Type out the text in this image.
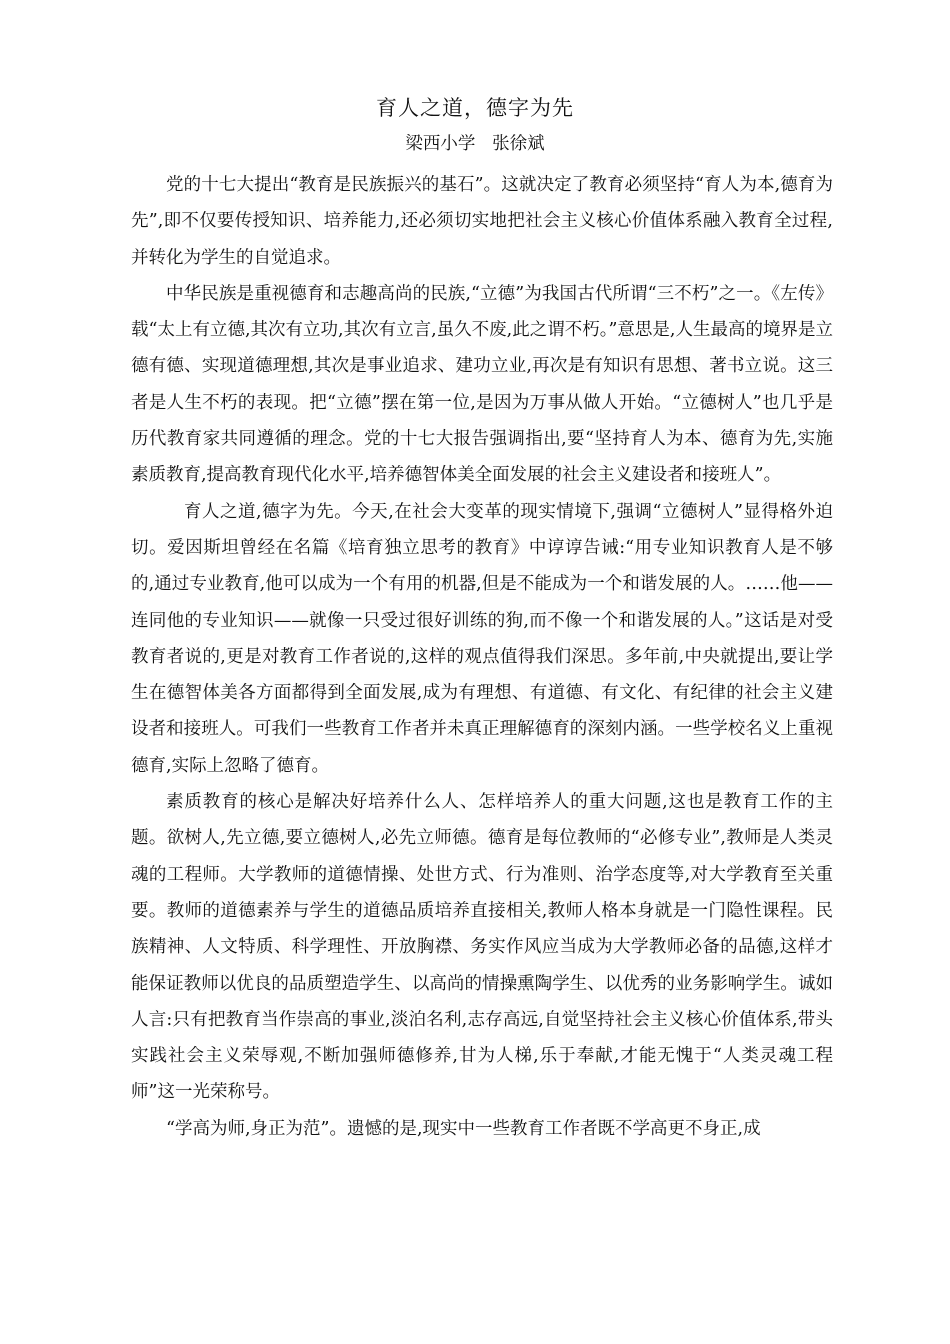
育人之道，德字为先
梁西小学   张徐斌

党的十七大提出“教育是民族振兴的基石”。这就决定了教育必须坚持“育人为本,德育为先”,即不仅要传授知识、培养能力,还必须切实地把社会主义核心价值体系融入教育全过程,并转化为学生的自觉追求。

中华民族是重视德育和志趣高尚的民族,“立德”为我国古代所谓“三不朽”之一。《左传》载“太上有立德,其次有立功,其次有立言,虽久不废,此之谓不朽。”意思是,人生最高的境界是立德有德、实现道德理想,其次是事业追求、建功立业,再次是有知识有思想、著书立说。这三者是人生不朽的表现。把“立德”摆在第一位,是因为万事从做人开始。“立德树人”也几乎是历代教育家共同遵循的理念。党的十七大报告强调指出,要“坚持育人为本、德育为先,实施素质教育,提高教育现代化水平,培养德智体美全面发展的社会主义建设者和接班人”。

育人之道,德字为先。今天,在社会大变革的现实情境下,强调“立德树人”显得格外迫切。爱因斯坦曾经在名篇《培育独立思考的教育》中谆谆告诫:“用专业知识教育人是不够的,通过专业教育,他可以成为一个有用的机器,但是不能成为一个和谐发展的人。……他——连同他的专业知识——就像一只受过很好训练的狗,而不像一个和谐发展的人。”这话是对受教育者说的,更是对教育工作者说的,这样的观点值得我们深思。多年前,中央就提出,要让学生在德智体美各方面都得到全面发展,成为有理想、有道德、有文化、有纪律的社会主义建设者和接班人。可我们一些教育工作者并未真正理解德育的深刻内涵。一些学校名义上重视德育,实际上忽略了德育。

素质教育的核心是解决好培养什么人、怎样培养人的重大问题,这也是教育工作的主题。欲树人,先立德,要立德树人,必先立师德。德育是每位教师的“必修专业”,教师是人类灵魂的工程师。大学教师的道德情操、处世方式、行为准则、治学态度等,对大学教育至关重要。教师的道德素养与学生的道德品质培养直接相关,教师人格本身就是一门隐性课程。民族精神、人文特质、科学理性、开放胸襟、务实作风应当成为大学教师必备的品德,这样才能保证教师以优良的品质塑造学生、以高尚的情操熏陶学生、以优秀的业务影响学生。诚如人言:只有把教育当作崇高的事业,淡泊名利,志存高远,自觉坚持社会主义核心价值体系,带头实践社会主义荣辱观,不断加强师德修养,甘为人梯,乐于奉献,才能无愧于“人类灵魂工程师”这一光荣称号。

“学高为师,身正为范”。遗憾的是,现实中一些教育工作者既不学高更不身正,成
